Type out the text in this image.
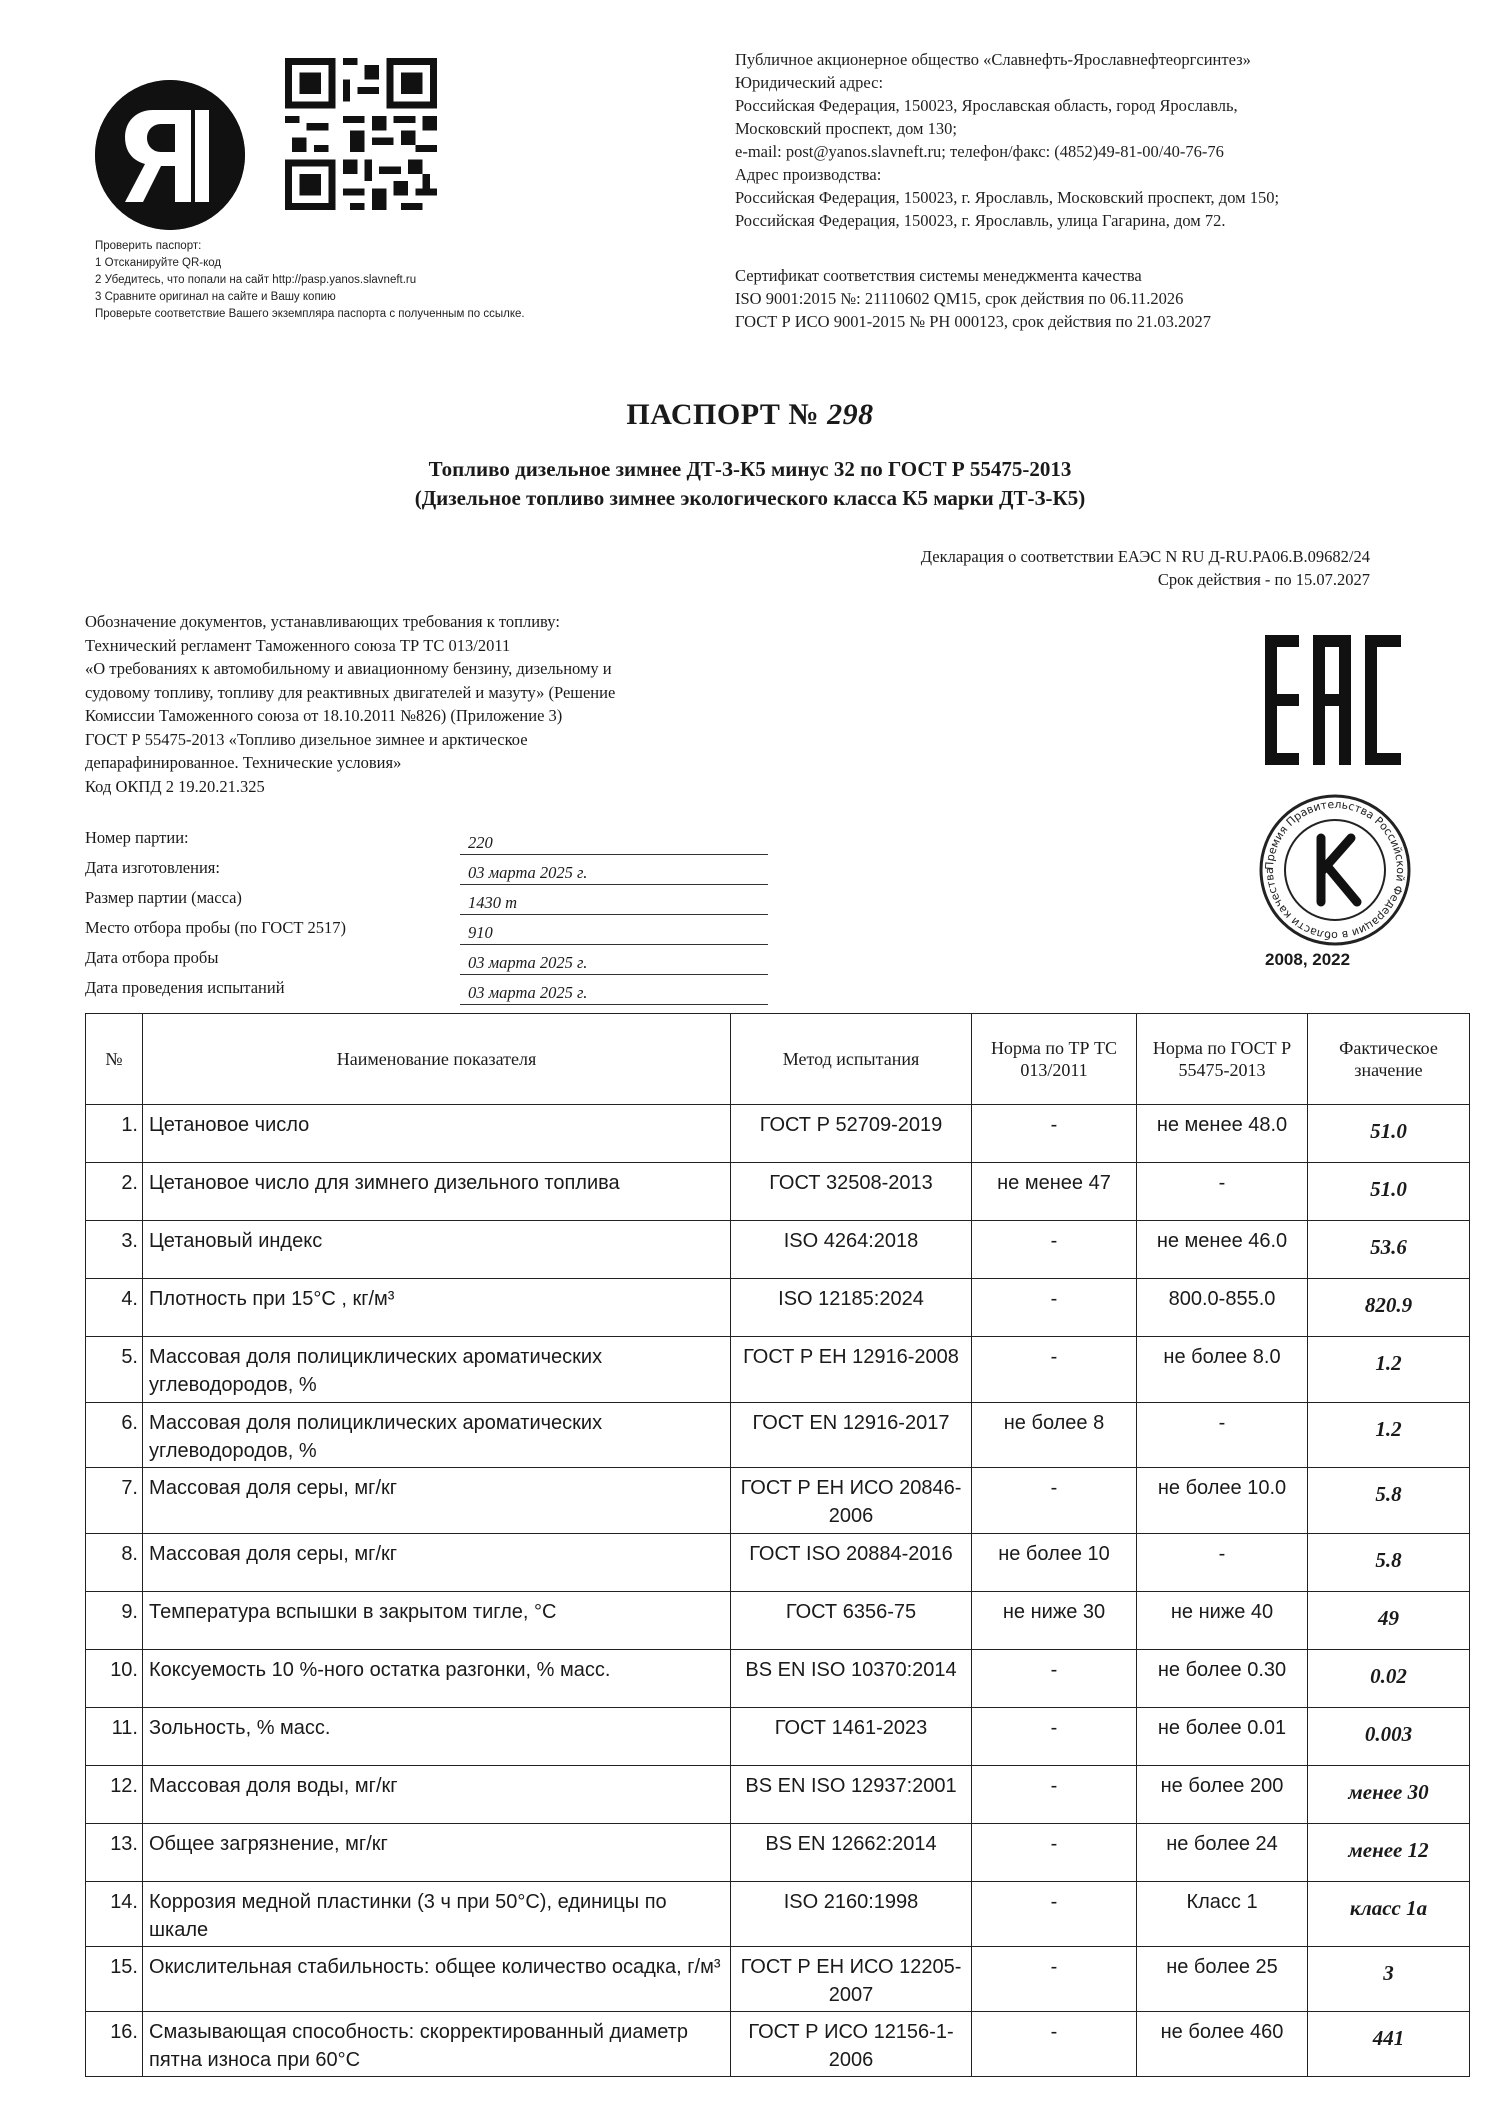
Проверить паспорт:
1 Отсканируйте QR-код
2 Убедитесь, что попали на сайт http://pasp.yanos.slavneft.ru
3 Сравните оригинал на сайте и Вашу копию
Проверьте соответствие Вашего экземпляра паспорта с полученным по ссылке.
Публичное акционерное общество «Славнефть-Ярославнефтеоргсинтез»
Юридический адрес:
Российская Федерация, 150023, Ярославская область, город Ярославль,
Московский проспект, дом 130;
e-mail: post@yanos.slavneft.ru; телефон/факс: (4852)49-81-00/40-76-76
Адрес производства:
Российская Федерация, 150023, г. Ярославль, Московский проспект, дом 150;
Российская Федерация, 150023, г. Ярославль, улица Гагарина, дом 72.
Сертификат соответствия системы менеджмента качества
ISO 9001:2015 №: 21110602 QM15, срок действия по 06.11.2026
ГОСТ Р ИСО 9001-2015 № РН 000123, срок действия по 21.03.2027
ПАСПОРТ № 298
Топливо дизельное зимнее ДТ-З-К5 минус 32 по ГОСТ Р 55475-2013
(Дизельное топливо зимнее экологического класса К5 марки ДТ-З-К5)
Декларация о соответствии ЕАЭС N RU Д-RU.PA06.B.09682/24
Срок действия - по 15.07.2027
Обозначение документов, устанавливающих требования к топливу:
Технический регламент Таможенного союза ТР ТС 013/2011
«О требованиях к автомобильному и авиационному бензину, дизельному и
судовому топливу, топливу для реактивных двигателей и мазуту» (Решение
Комиссии Таможенного союза от 18.10.2011 №826) (Приложение 3)
ГОСТ Р 55475-2013 «Топливо дизельное зимнее и арктическое
депарафинированное. Технические условия»
Код ОКПД 2 19.20.21.325
Премия Правительства Российской Федерации в области качества
2008, 2022
Номер партии:	220
Дата изготовления:	03 марта 2025 г.
Размер партии (масса)	1430 т
Место отбора пробы (по ГОСТ 2517)	910
Дата отбора пробы	03 марта 2025 г.
Дата проведения испытаний	03 марта 2025 г.
№	Наименование показателя	Метод испытания	Норма по ТР ТС 013/2011	Норма по ГОСТ Р 55475-2013	Фактическое значение
1.	Цетановое число	ГОСТ Р 52709-2019	-	не менее 48.0	51.0
2.	Цетановое число для зимнего дизельного топлива	ГОСТ 32508-2013	не менее 47	-	51.0
3.	Цетановый индекс	ISO 4264:2018	-	не менее 46.0	53.6
4.	Плотность при 15°С , кг/м³	ISO 12185:2024	-	800.0-855.0	820.9
5.	Массовая доля полициклических ароматических углеводородов, %	ГОСТ Р ЕН 12916-2008	-	не более 8.0	1.2
6.	Массовая доля полициклических ароматических углеводородов, %	ГОСТ EN 12916-2017	не более 8	-	1.2
7.	Массовая доля серы, мг/кг	ГОСТ Р ЕН ИСО 20846-2006	-	не более 10.0	5.8
8.	Массовая доля серы, мг/кг	ГОСТ ISO 20884-2016	не более 10	-	5.8
9.	Температура вспышки в закрытом тигле, °С	ГОСТ 6356-75	не ниже 30	не ниже 40	49
10.	Коксуемость 10 %-ного остатка разгонки, % масс.	BS EN ISO 10370:2014	-	не более 0.30	0.02
11.	Зольность, % масс.	ГОСТ 1461-2023	-	не более 0.01	0.003
12.	Массовая доля воды, мг/кг	BS EN ISO 12937:2001	-	не более 200	менее 30
13.	Общее загрязнение, мг/кг	BS EN 12662:2014	-	не более 24	менее 12
14.	Коррозия медной пластинки (3 ч при 50°С), единицы по шкале	ISO 2160:1998	-	Класс 1	класс 1а
15.	Окислительная стабильность: общее количество осадка, г/м³	ГОСТ Р ЕН ИСО 12205-2007	-	не более 25	3
16.	Смазывающая способность: скорректированный диаметр пятна износа при 60°С	ГОСТ Р ИСО 12156-1-2006	-	не более 460	441
